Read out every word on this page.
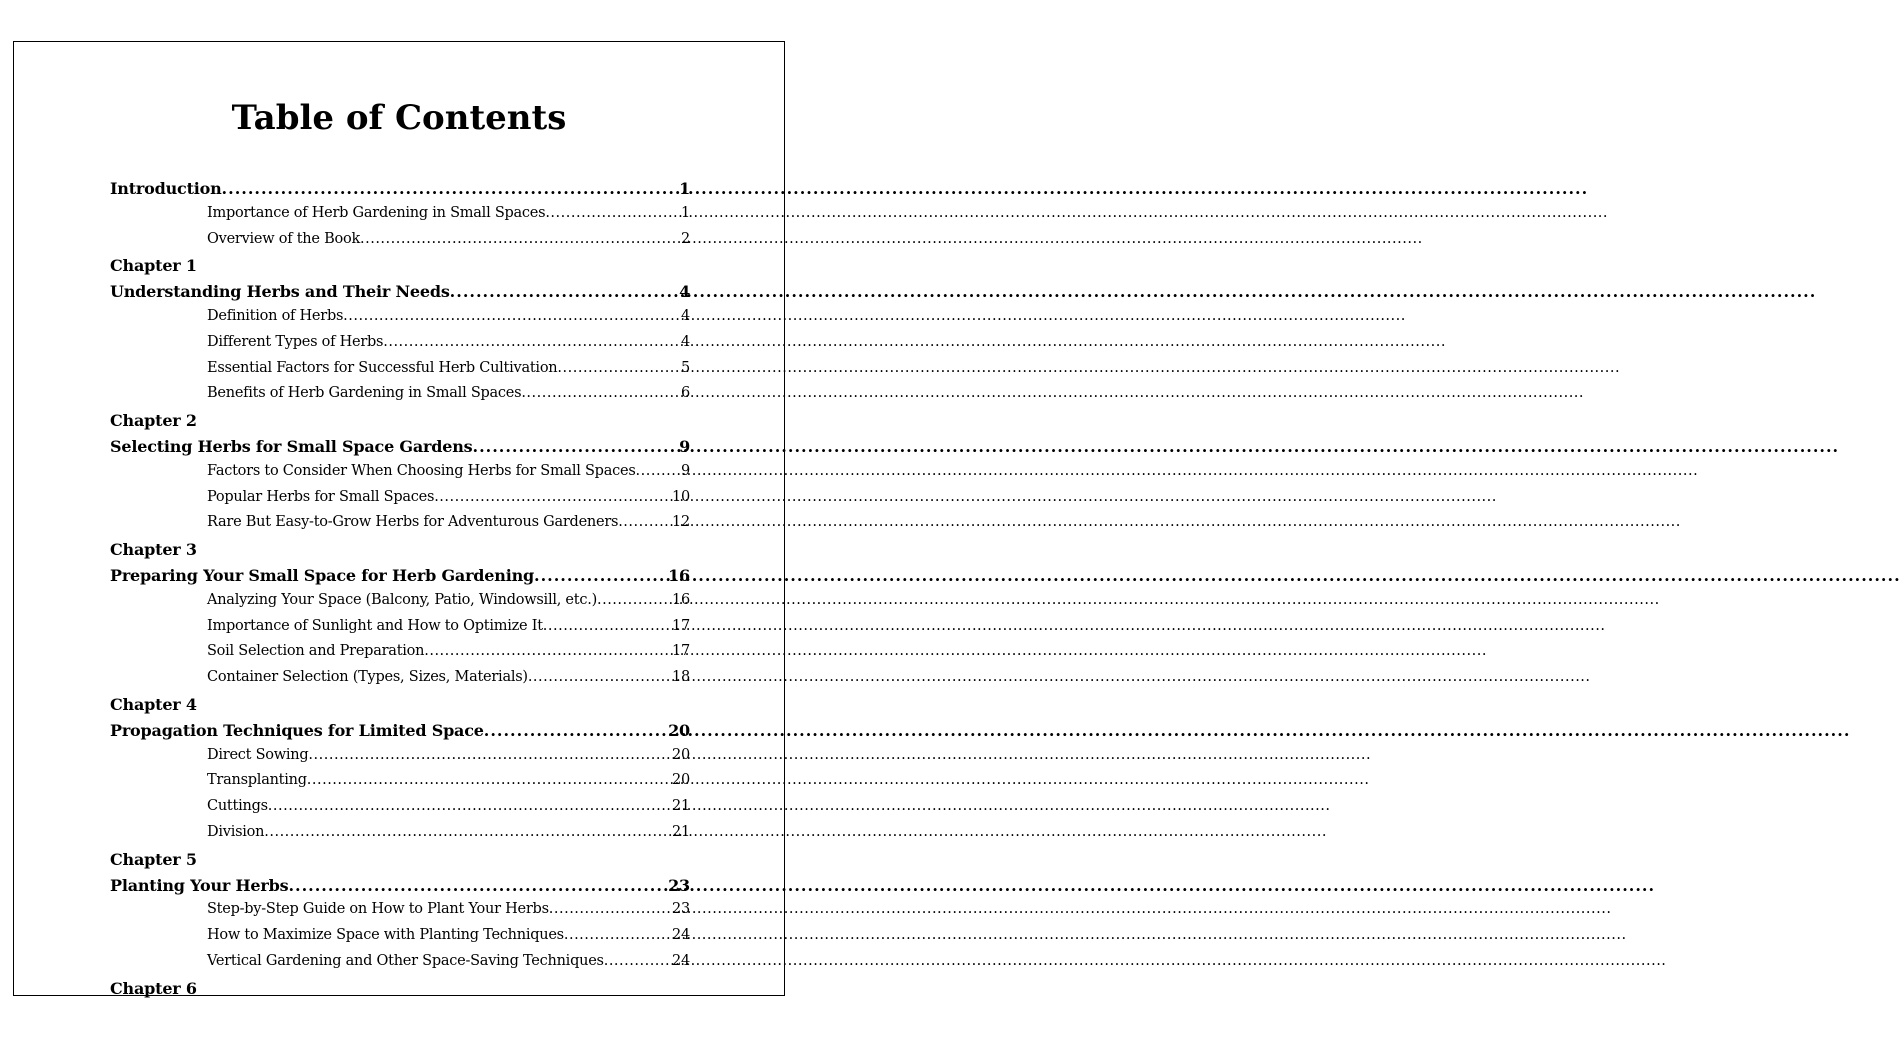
Table of Contents
Introduction .....	1
Importance of Herb Gardening in Small Spaces .....	1
Overview of the Book .....	2
Chapter 1
Understanding Herbs and Their Needs .....	4
Definition of Herbs .....	4
Different Types of Herbs .....	4
Essential Factors for Successful Herb Cultivation .....	5
Benefits of Herb Gardening in Small Spaces .....	6
Chapter 2
Selecting Herbs for Small Space Gardens .....	9
Factors to Consider When Choosing Herbs for Small Spaces .....	9
Popular Herbs for Small Spaces .....	10
Rare But Easy-to-Grow Herbs for Adventurous Gardeners .....	12
Chapter 3
Preparing Your Small Space for Herb Gardening .....	16
Analyzing Your Space (Balcony, Patio, Windowsill, etc.) .....	16
Importance of Sunlight and How to Optimize It .....	17
Soil Selection and Preparation .....	17
Container Selection (Types, Sizes, Materials) .....	18
Chapter 4
Propagation Techniques for Limited Space .....	20
Direct Sowing .....	20
Transplanting .....	20
Cuttings .....	21
Division .....	21
Chapter 5
Planting Your Herbs .....	23
Step-by-Step Guide on How to Plant Your Herbs .....	23
How to Maximize Space with Planting Techniques .....	24
Vertical Gardening and Other Space-Saving Techniques .....	24
Chapter 6
